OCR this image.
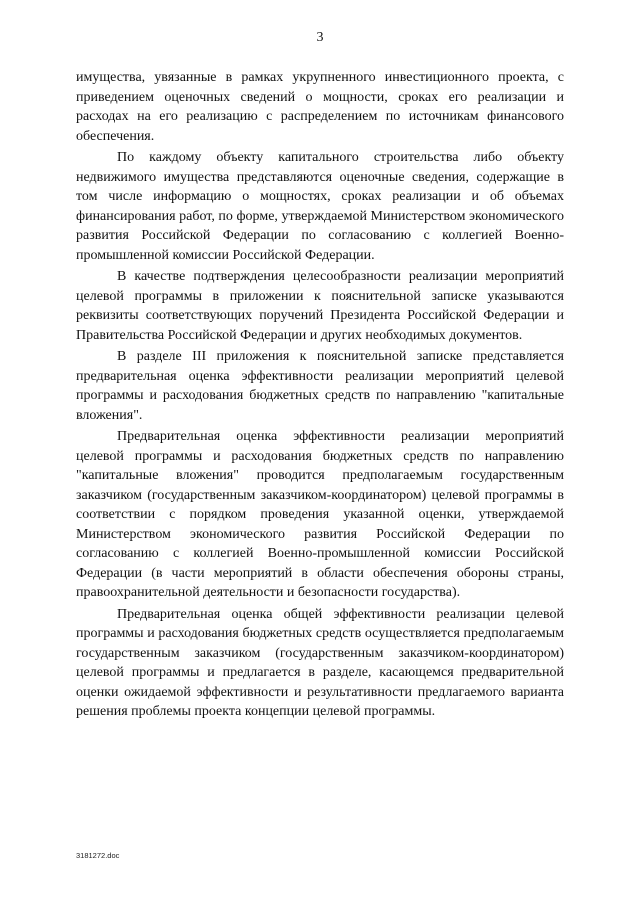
3

имущества, увязанные в рамках укрупненного инвестиционного проекта, с приведением оценочных сведений о мощности, сроках его реализации и расходах на его реализацию с распределением по источникам финансового обеспечения.

По каждому объекту капитального строительства либо объекту недвижимого имущества представляются оценочные сведения, содержащие в том числе информацию о мощностях, сроках реализации и об объемах финансирования работ, по форме, утверждаемой Министерством экономического развития Российской Федерации по согласованию с коллегией Военно-промышленной комиссии Российской Федерации.

В качестве подтверждения целесообразности реализации мероприятий целевой программы в приложении к пояснительной записке указываются реквизиты соответствующих поручений Президента Российской Федерации и Правительства Российской Федерации и других необходимых документов.

В разделе III приложения к пояснительной записке представляется предварительная оценка эффективности реализации мероприятий целевой программы и расходования бюджетных средств по направлению "капитальные вложения".

Предварительная оценка эффективности реализации мероприятий целевой программы и расходования бюджетных средств по направлению "капитальные вложения" проводится предполагаемым государственным заказчиком (государственным заказчиком-координатором) целевой программы в соответствии с порядком проведения указанной оценки, утверждаемой Министерством экономического развития Российской Федерации по согласованию с коллегией Военно-промышленной комиссии Российской Федерации (в части мероприятий в области обеспечения обороны страны, правоохранительной деятельности и безопасности государства).

Предварительная оценка общей эффективности реализации целевой программы и расходования бюджетных средств осуществляется предполагаемым государственным заказчиком (государственным заказчиком-координатором) целевой программы и предлагается в разделе, касающемся предварительной оценки ожидаемой эффективности и результативности предлагаемого варианта решения проблемы проекта концепции целевой программы.

3181272.doc
